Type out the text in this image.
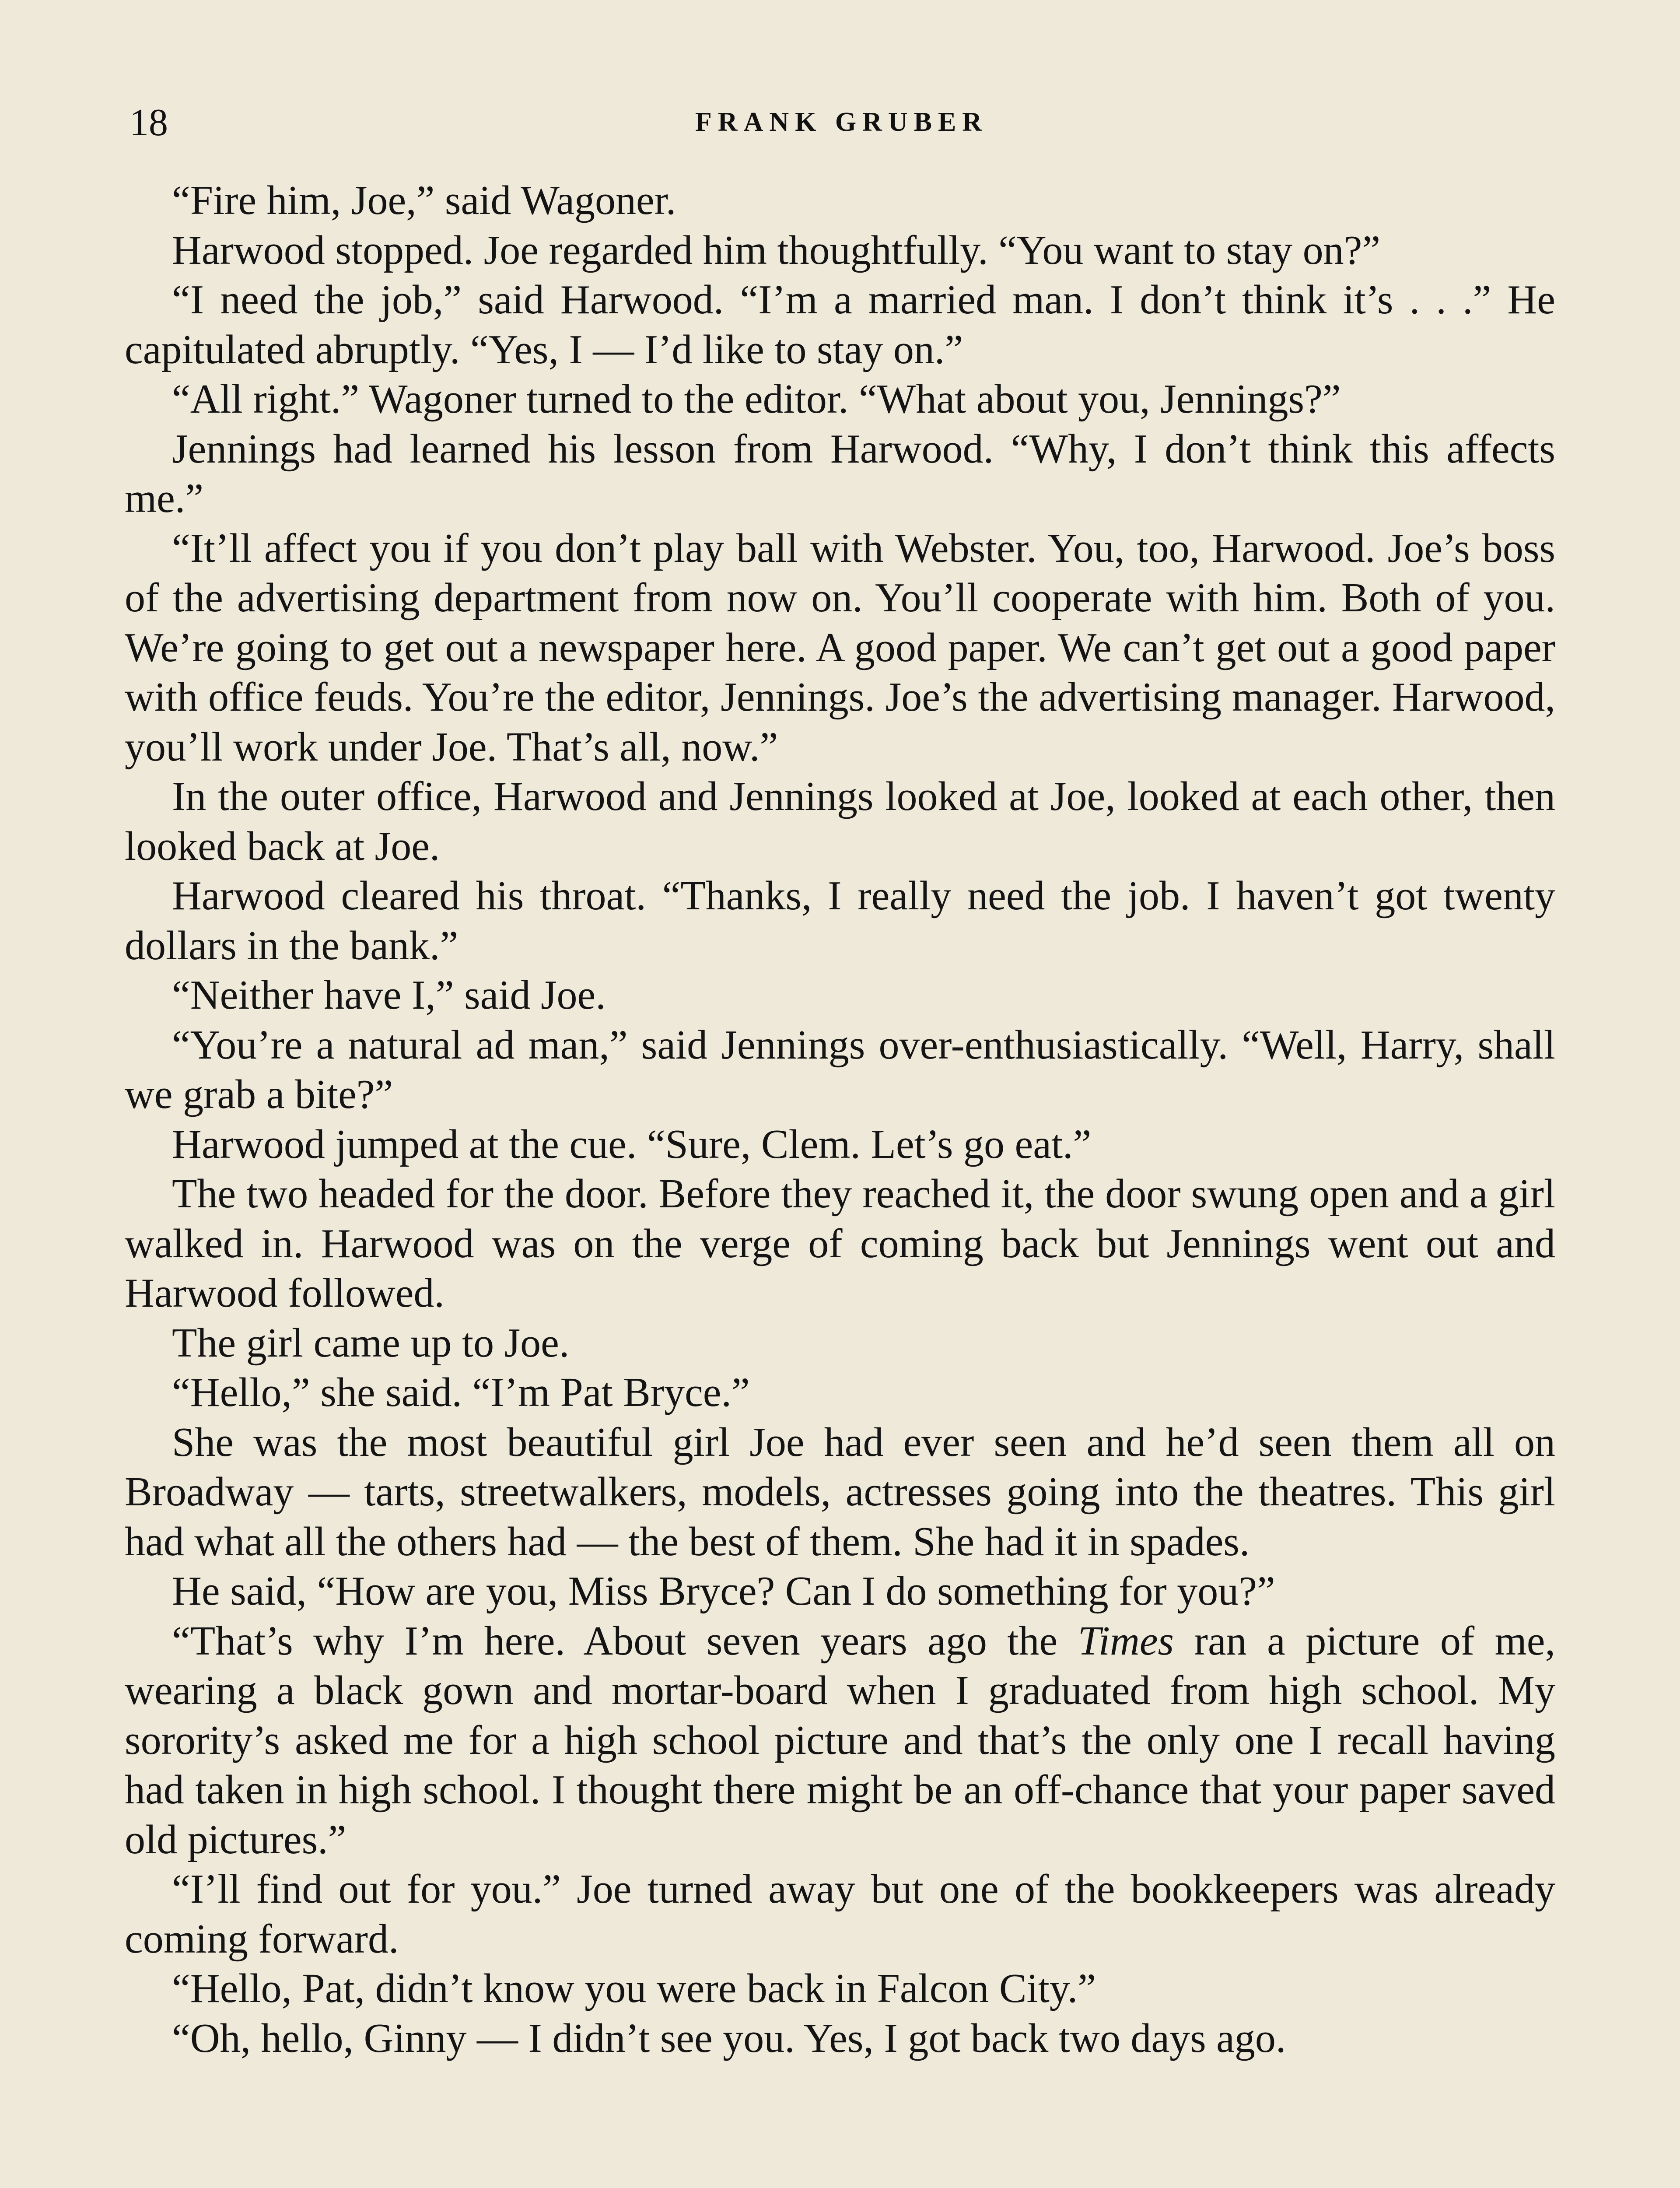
18	FRANK GRUBER

“Fire him, Joe,” said Wagoner.

Harwood stopped. Joe regarded him thoughtfully. “You want to stay on?”

“I need the job,” said Harwood. “I’m a married man. I don’t think it’s . . .” He capitulated abruptly. “Yes, I — I’d like to stay on.”

“All right.” Wagoner turned to the editor. “What about you, Jennings?”

Jennings had learned his lesson from Harwood. “Why, I don’t think this affects me.”

“It’ll affect you if you don’t play ball with Webster. You, too, Harwood. Joe’s boss of the advertising department from now on. You’ll cooperate with him. Both of you. We’re going to get out a newspaper here. A good paper. We can’t get out a good paper with office feuds. You’re the editor, Jennings. Joe’s the advertising manager. Harwood, you’ll work under Joe. That’s all, now.”

In the outer office, Harwood and Jennings looked at Joe, looked at each other, then looked back at Joe.

Harwood cleared his throat. “Thanks, I really need the job. I haven’t got twenty dollars in the bank.”

“Neither have I,” said Joe.

“You’re a natural ad man,” said Jennings over-enthusiastically. “Well, Harry, shall we grab a bite?”

Harwood jumped at the cue. “Sure, Clem. Let’s go eat.”

The two headed for the door. Before they reached it, the door swung open and a girl walked in. Harwood was on the verge of coming back but Jennings went out and Harwood followed.

The girl came up to Joe.

“Hello,” she said. “I’m Pat Bryce.”

She was the most beautiful girl Joe had ever seen and he’d seen them all on Broadway — tarts, streetwalkers, models, actresses going into the theatres. This girl had what all the others had — the best of them. She had it in spades.

He said, “How are you, Miss Bryce? Can I do something for you?”

“That’s why I’m here. About seven years ago the Times ran a picture of me, wearing a black gown and mortar-board when I graduated from high school. My sorority’s asked me for a high school picture and that’s the only one I recall having had taken in high school. I thought there might be an off-chance that your paper saved old pictures.”

“I’ll find out for you.” Joe turned away but one of the bookkeepers was already coming forward.

“Hello, Pat, didn’t know you were back in Falcon City.”

“Oh, hello, Ginny — I didn’t see you. Yes, I got back two days ago.
